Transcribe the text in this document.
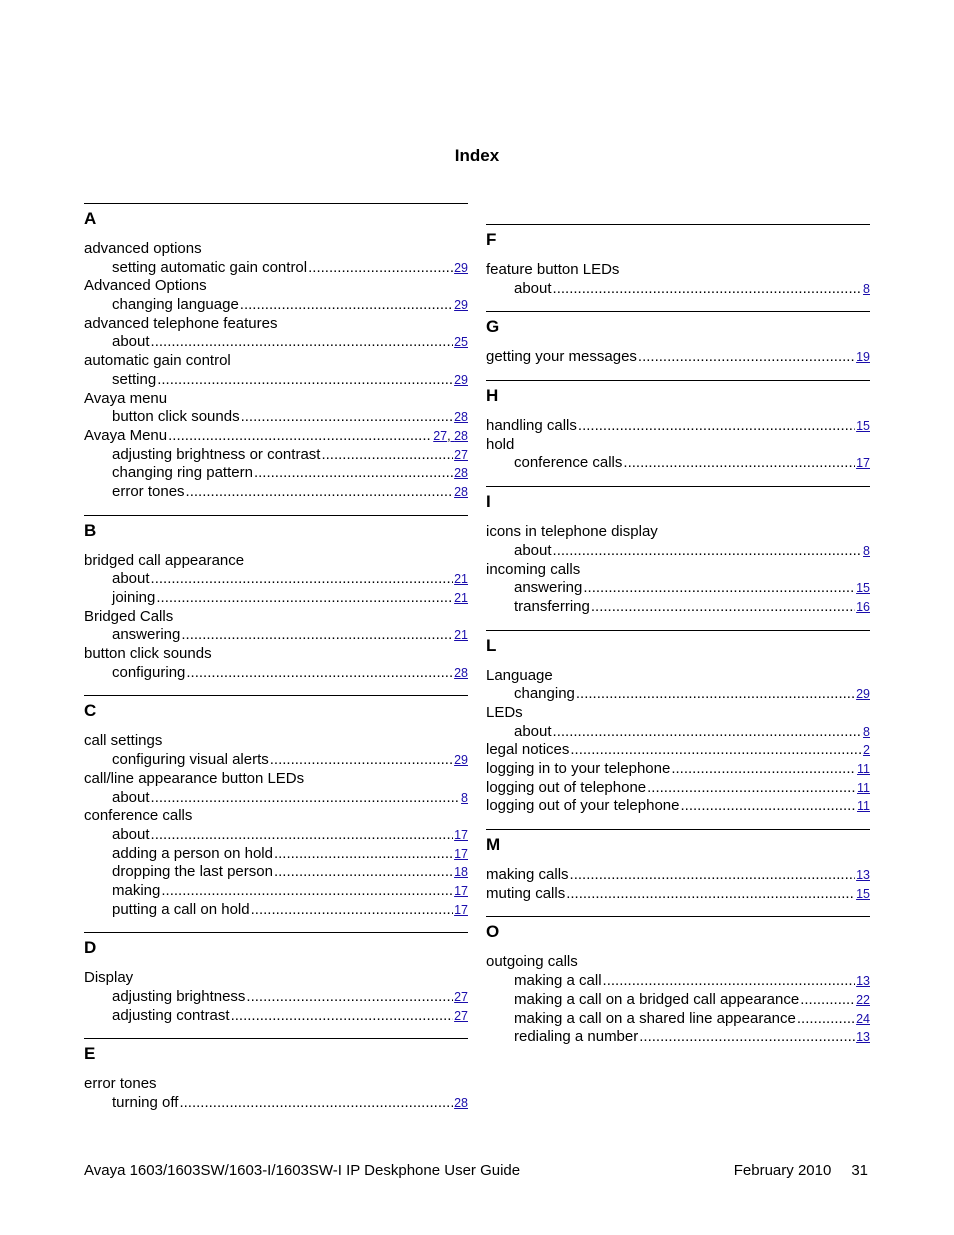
Index
A
advanced options
setting automatic gain control .....	29
Advanced Options
changing language .....	29
advanced telephone features
about .....	25
automatic gain control
setting .....	29
Avaya menu
button click sounds .....	28
Avaya Menu .....	27, 28
adjusting brightness or contrast .....	27
changing ring pattern .....	28
error tones .....	28
B
bridged call appearance
about .....	21
joining .....	21
Bridged Calls
answering .....	21
button click sounds
configuring .....	28
C
call settings
configuring visual alerts .....	29
call/line appearance button LEDs
about .....	8
conference calls
about .....	17
adding a person on hold .....	17
dropping the last person .....	18
making .....	17
putting a call on hold .....	17
D
Display
adjusting brightness .....	27
adjusting contrast .....	27
E
error tones
turning off .....	28
F
feature button LEDs
about .....	8
G
getting your messages .....	19
H
handling calls .....	15
hold
conference calls .....	17
I
icons in telephone display
about .....	8
incoming calls
answering .....	15
transferring .....	16
L
Language
changing .....	29
LEDs
about .....	8
legal notices .....	2
logging in to your telephone .....	11
logging out of telephone .....	11
logging out of your telephone .....	11
M
making calls .....	13
muting calls .....	15
O
outgoing calls
making a call .....	13
making a call on a bridged call appearance .....	22
making a call on a shared line appearance .....	24
redialing a number .....	13
Avaya 1603/1603SW/1603-I/1603SW-I IP Deskphone User Guide	February 2010 31
